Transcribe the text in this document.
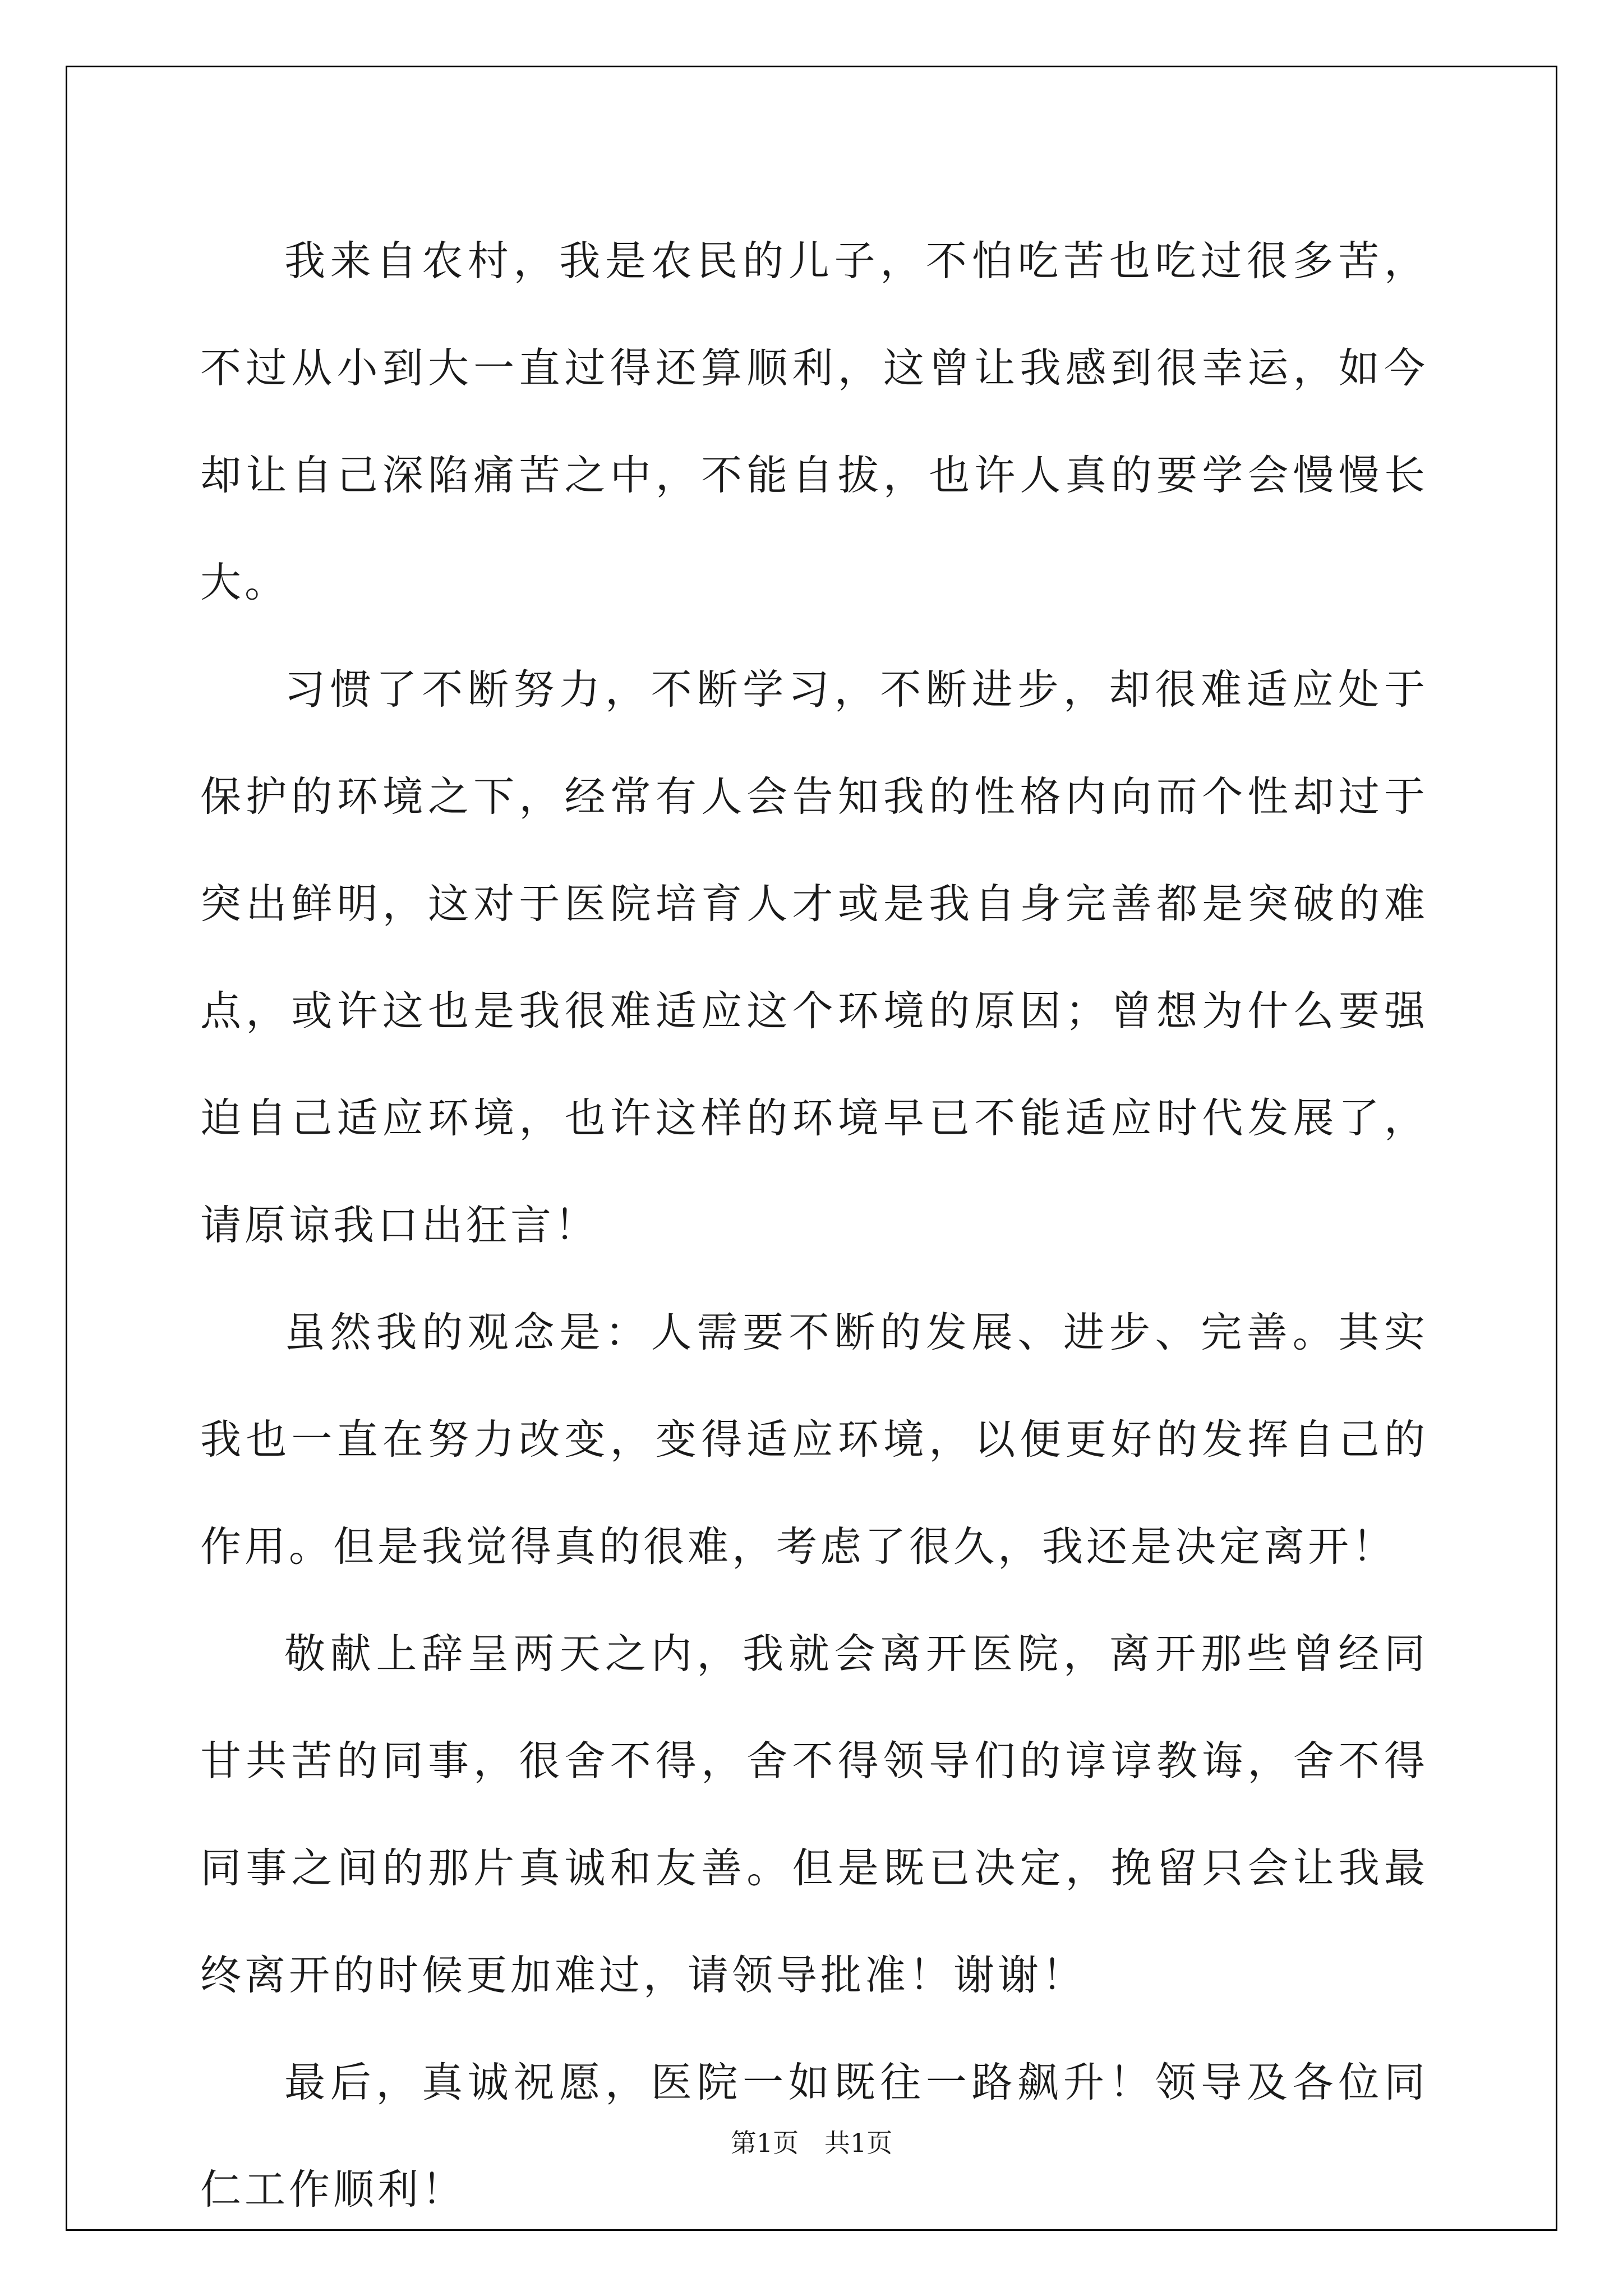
我来自农村，我是农民的儿子，不怕吃苦也吃过很多苦，不过从小到大一直过得还算顺利，这曾让我感到很幸运，如今却让自己深陷痛苦之中，不能自拔，也许人真的要学会慢慢长大。

习惯了不断努力，不断学习，不断进步，却很难适应处于保护的环境之下，经常有人会告知我的性格内向而个性却过于突出鲜明，这对于医院培育人才或是我自身完善都是突破的难点，或许这也是我很难适应这个环境的原因；曾想为什么要强迫自己适应环境，也许这样的环境早已不能适应时代发展了，请原谅我口出狂言！

虽然我的观念是：人需要不断的发展、进步、完善。其实我也一直在努力改变，变得适应环境，以便更好的发挥自己的作用。但是我觉得真的很难，考虑了很久，我还是决定离开！

敬献上辞呈两天之内，我就会离开医院，离开那些曾经同甘共苦的同事，很舍不得，舍不得领导们的谆谆教诲，舍不得同事之间的那片真诚和友善。但是既已决定，挽留只会让我最终离开的时候更加难过，请领导批准！谢谢！

最后，真诚祝愿，医院一如既往一路飙升！领导及各位同仁工作顺利！

第1页　共1页
